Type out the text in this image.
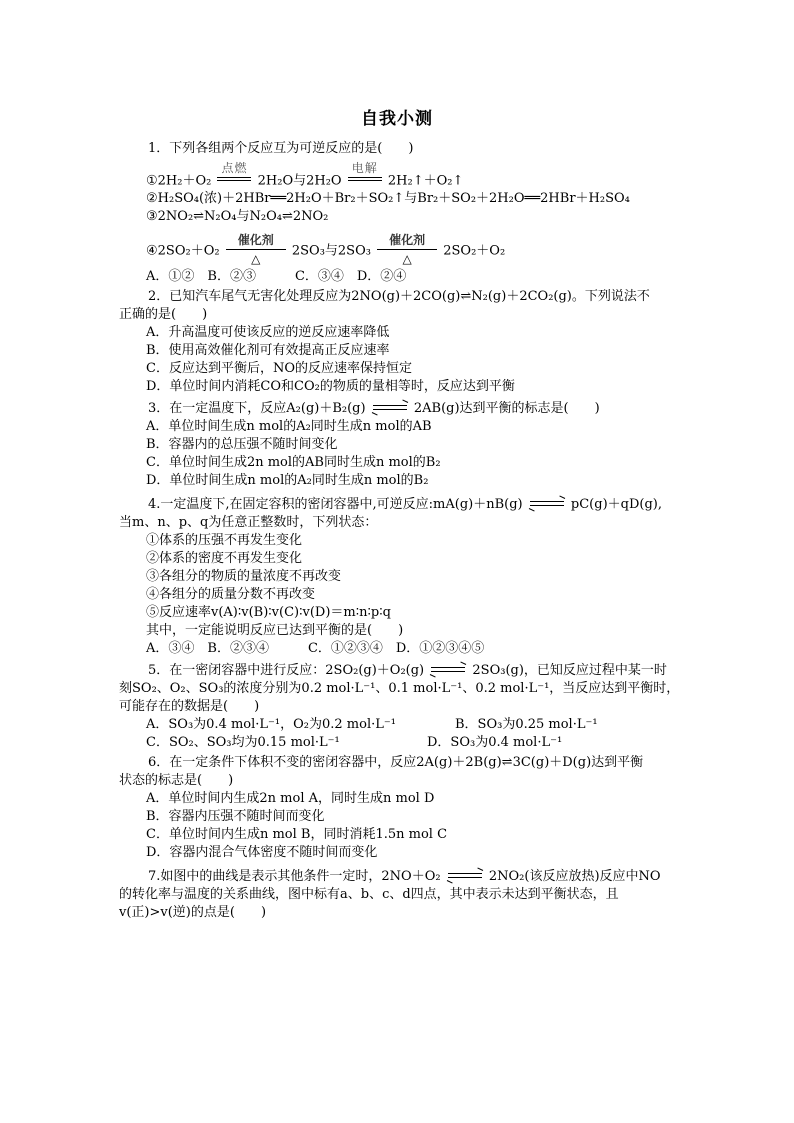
自我小测
1．下列各组两个反应互为可逆反应的是(　　)
①2H₂＋O₂
点燃
2H₂O与2H₂O
电解
2H₂↑＋O₂↑
②H₂SO₄(浓)＋2HBr══2H₂O＋Br₂＋SO₂↑与Br₂＋SO₂＋2H₂O══2HBr＋H₂SO₄
③2NO₂⇌N₂O₄与N₂O₄⇌2NO₂
④2SO₂＋O₂
催化剂
△
2SO₃与2SO₃
催化剂
△
2SO₂＋O₂
A．①②　B．②③　　　C．③④　D．②④
2．已知汽车尾气无害化处理反应为2NO(g)＋2CO(g)⇌N₂(g)＋2CO₂(g)。下列说法不
正确的是(　　)
A．升高温度可使该反应的逆反应速率降低
B．使用高效催化剂可有效提高正反应速率
C．反应达到平衡后，NO的反应速率保持恒定
D．单位时间内消耗CO和CO₂的物质的量相等时，反应达到平衡
3．在一定温度下，反应A₂(g)＋B₂(g) ⇌ 2AB(g)达到平衡的标志是(　　)
A．单位时间生成n mol的A₂同时生成n mol的AB
B．容器内的总压强不随时间变化
C．单位时间生成2n mol的AB同时生成n mol的B₂
D．单位时间生成n mol的A₂同时生成n mol的B₂
4.一定温度下,在固定容积的密闭容器中,可逆反应:mA(g)＋nB(g) ⇌ pC(g)＋qD(g),
当m、n、p、q为任意正整数时，下列状态：
①体系的压强不再发生变化
②体系的密度不再发生变化
③各组分的物质的量浓度不再改变
④各组分的质量分数不再改变
⑤反应速率v(A)∶v(B)∶v(C)∶v(D)＝m∶n∶p∶q
其中，一定能说明反应已达到平衡的是(　　)
A．③④　B．②③④　　　C．①②③④　D．①②③④⑤
5．在一密闭容器中进行反应：2SO₂(g)＋O₂(g) ⇌ 2SO₃(g)，已知反应过程中某一时
刻SO₂、O₂、SO₃的浓度分别为0.2 mol·L⁻¹、0.1 mol·L⁻¹、0.2 mol·L⁻¹，当反应达到平衡时，
可能存在的数据是(　　)
A．SO₃为0.4 mol·L⁻¹，O₂为0.2 mol·L⁻¹	B．SO₃为0.25 mol·L⁻¹
C．SO₂、SO₃均为0.15 mol·L⁻¹	D．SO₃为0.4 mol·L⁻¹
6．在一定条件下体积不变的密闭容器中，反应2A(g)＋2B(g)⇌3C(g)＋D(g)达到平衡
状态的标志是(　　)
A．单位时间内生成2n mol A，同时生成n mol D
B．容器内压强不随时间而变化
C．单位时间内生成n mol B，同时消耗1.5n mol C
D．容器内混合气体密度不随时间而变化
7.如图中的曲线是表示其他条件一定时，2NO＋O₂ ⇌ 2NO₂(该反应放热)反应中NO
的转化率与温度的关系曲线，图中标有a、b、c、d四点，其中表示未达到平衡状态，且
v(正)>v(逆)的点是(　　)
